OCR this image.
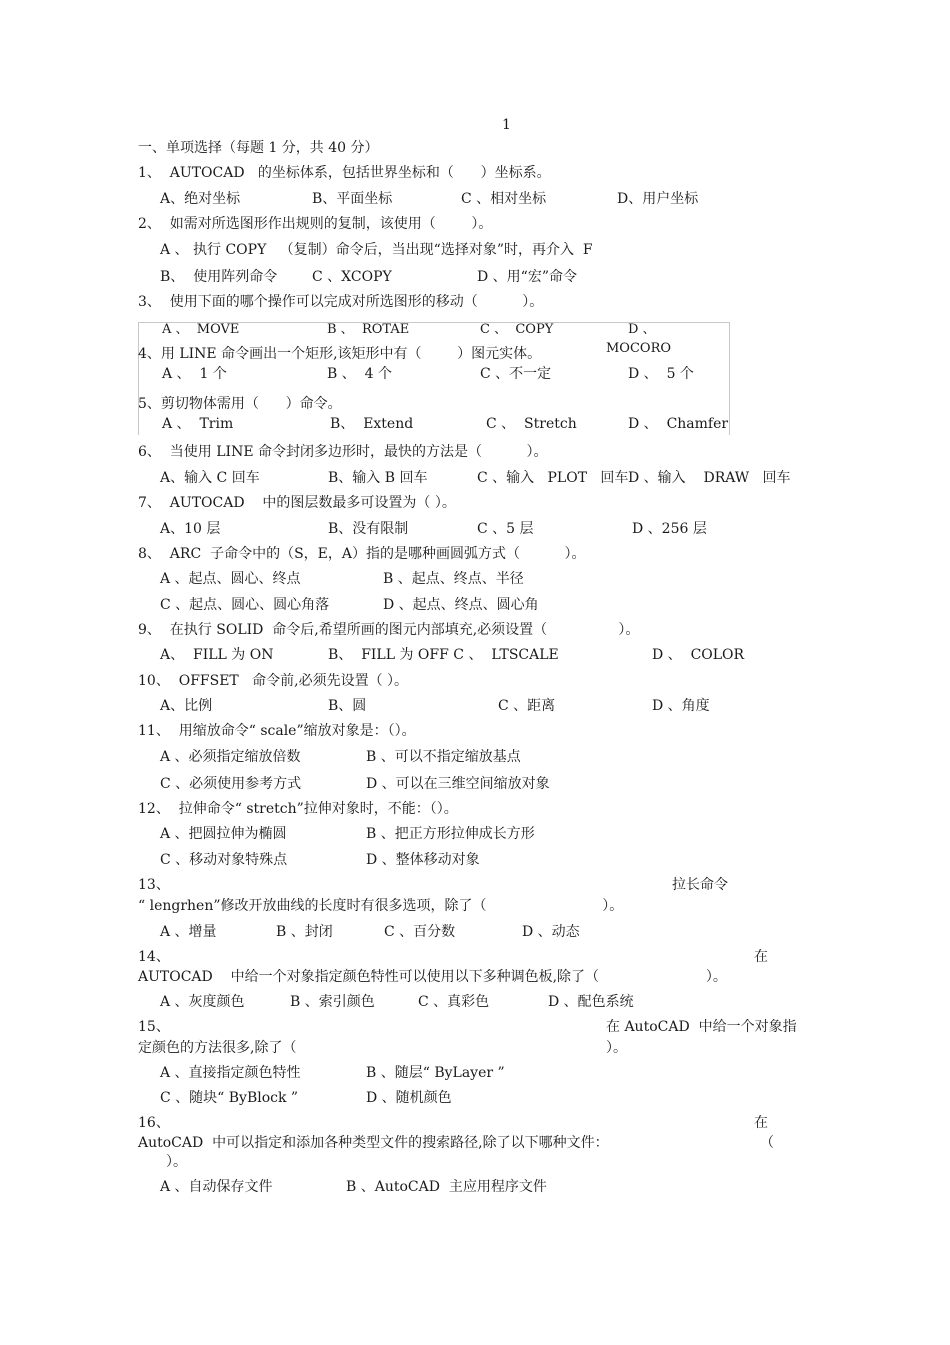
1
一、单项选择（每题 1 分，共 40 分）
1、  AUTOCAD   的坐标体系，包括世界坐标和（      ）坐标系。
A、绝对坐标	B、平面坐标	C 、相对坐标	D、用户坐标
2、  如需对所选图形作出规则的复制，该使用（        ）。
A 、 执行 COPY   （复制）命令后，当出现“选择对象”时，再介入  F
B、  使用阵列命令 C 、XCOPY	D 、用“宏”命令
3、  使用下面的哪个操作可以完成对所选图形的移动（          ）。
A 、  MOVE	B 、  ROTAE	C 、  COPY	D 、
MOCORO
4、用 LINE 命令画出一个矩形,该矩形中有（        ）图元实体。
A 、  1 个	B 、  4 个	C 、不一定	D 、  5 个
5、剪切物体需用（      ）命令。
A 、  Trim	B、  Extend	C 、  Stretch	D 、  Chamfer
6、  当使用 LINE 命令封闭多边形时，最快的方法是（          ）。
A、输入 C 回车	B、输入 B 回车	C 、输入   PLOT   回车 D 、输入    DRAW   回车
7、  AUTOCAD    中的图层数最多可设置为（ ）。
A、10 层	B、没有限制	C 、5 层	D 、256 层
8、  ARC  子命令中的（S，E，A）指的是哪种画圆弧方式（          ）。
A 、起点、圆心、终点	B 、起点、终点、半径
C 、起点、圆心、圆心角落	D 、起点、终点、圆心角
9、  在执行 SOLID  命令后,希望所画的图元内部填充,必须设置（                ）。
A、  FILL 为 ON	B、  FILL 为 OFF C 、  LTSCALE	D 、  COLOR
10、  OFFSET   命令前,必须先设置（ ）。
A、比例	B、圆	C 、距离	D 、角度
11、  用缩放命令“ scale”缩放对象是：（）。
A 、必须指定缩放倍数	B 、可以不指定缩放基点
C 、必须使用参考方式	D 、可以在三维空间缩放对象
12、  拉伸命令“ stretch”拉伸对象时，不能：（）。
A 、把圆拉伸为椭圆	B 、把正方形拉伸成长方形
C 、移动对象特殊点	D 、整体移动对象
13、	拉长命令
“ lengrhen”修改开放曲线的长度时有很多选项，除了（                          ）。
A 、增量	B 、封闭	C 、百分数	D 、动态
14、	在
AUTOCAD    中给一个对象指定颜色特性可以使用以下多种调色板,除了（                        ）。
A 、灰度颜色	B 、索引颜色	C 、真彩色	D 、配色系统
15、	在 AutoCAD  中给一个对象指
定颜色的方法很多,除了（	）。
A 、直接指定颜色特性	B 、随层“ ByLayer ”
C 、随块“ ByBlock ”	D 、随机颜色
16、	在
AutoCAD  中可以指定和添加各种类型文件的搜索路径,除了以下哪种文件：	（
）。
A 、自动保存文件	B 、AutoCAD  主应用程序文件
